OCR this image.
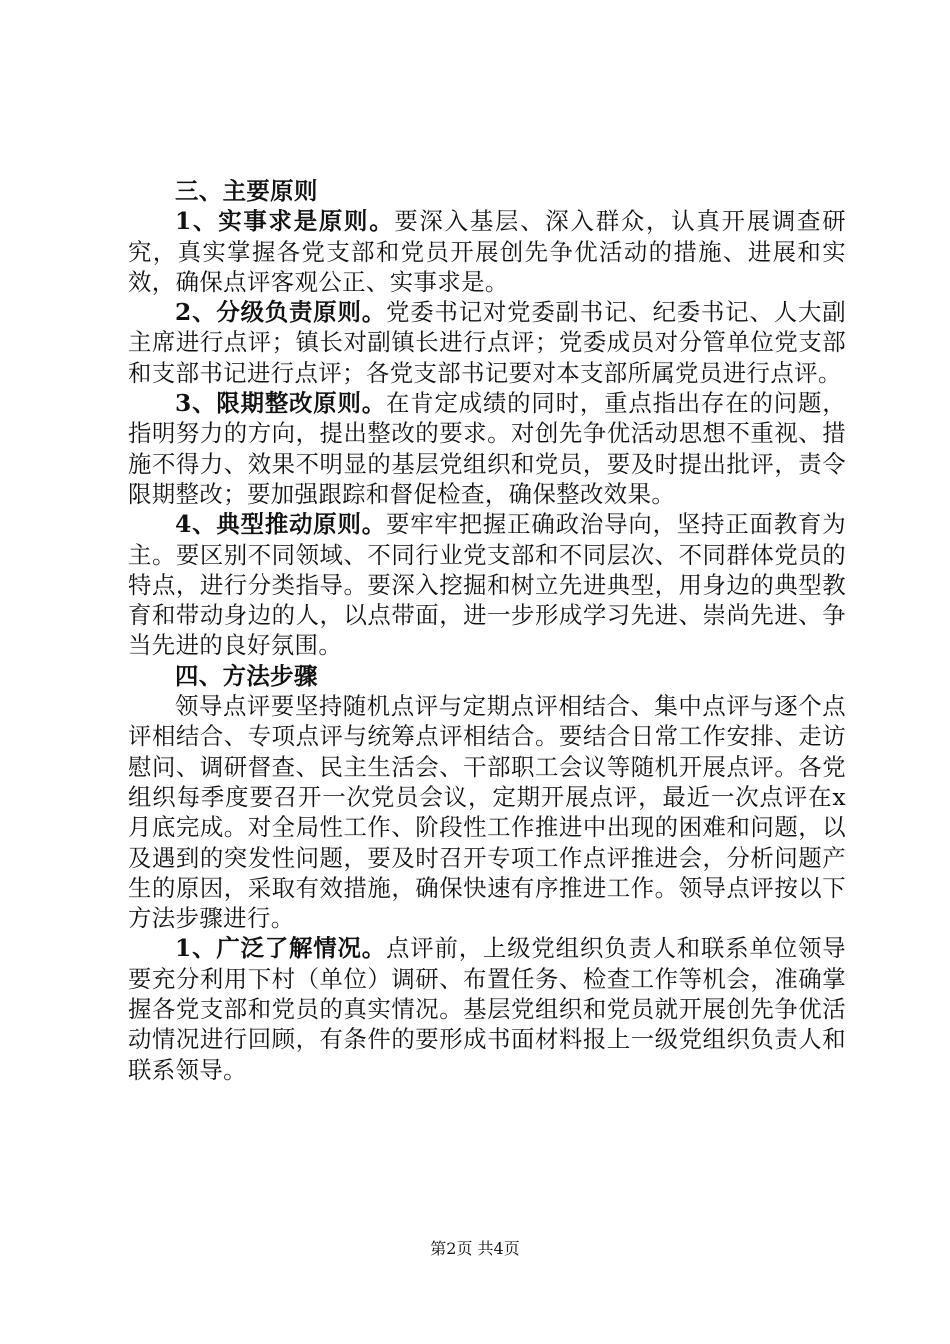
三、主要原则

1、实事求是原则。要深入基层、深入群众，认真开展调查研究，真实掌握各党支部和党员开展创先争优活动的措施、进展和实效，确保点评客观公正、实事求是。

2、分级负责原则。党委书记对党委副书记、纪委书记、人大副主席进行点评；镇长对副镇长进行点评；党委成员对分管单位党支部和支部书记进行点评；各党支部书记要对本支部所属党员进行点评。

3、限期整改原则。在肯定成绩的同时，重点指出存在的问题，指明努力的方向，提出整改的要求。对创先争优活动思想不重视、措施不得力、效果不明显的基层党组织和党员，要及时提出批评，责令限期整改；要加强跟踪和督促检查，确保整改效果。

4、典型推动原则。要牢牢把握正确政治导向，坚持正面教育为主。要区别不同领域、不同行业党支部和不同层次、不同群体党员的特点，进行分类指导。要深入挖掘和树立先进典型，用身边的典型教育和带动身边的人，以点带面，进一步形成学习先进、崇尚先进、争当先进的良好氛围。

四、方法步骤

领导点评要坚持随机点评与定期点评相结合、集中点评与逐个点评相结合、专项点评与统筹点评相结合。要结合日常工作安排、走访慰问、调研督查、民主生活会、干部职工会议等随机开展点评。各党组织每季度要召开一次党员会议，定期开展点评，最近一次点评在x月底完成。对全局性工作、阶段性工作推进中出现的困难和问题，以及遇到的突发性问题，要及时召开专项工作点评推进会，分析问题产生的原因，采取有效措施，确保快速有序推进工作。领导点评按以下方法步骤进行。

1、广泛了解情况。点评前，上级党组织负责人和联系单位领导要充分利用下村（单位）调研、布置任务、检查工作等机会，准确掌握各党支部和党员的真实情况。基层党组织和党员就开展创先争优活动情况进行回顾，有条件的要形成书面材料报上一级党组织负责人和联系领导。

第2页 共4页
